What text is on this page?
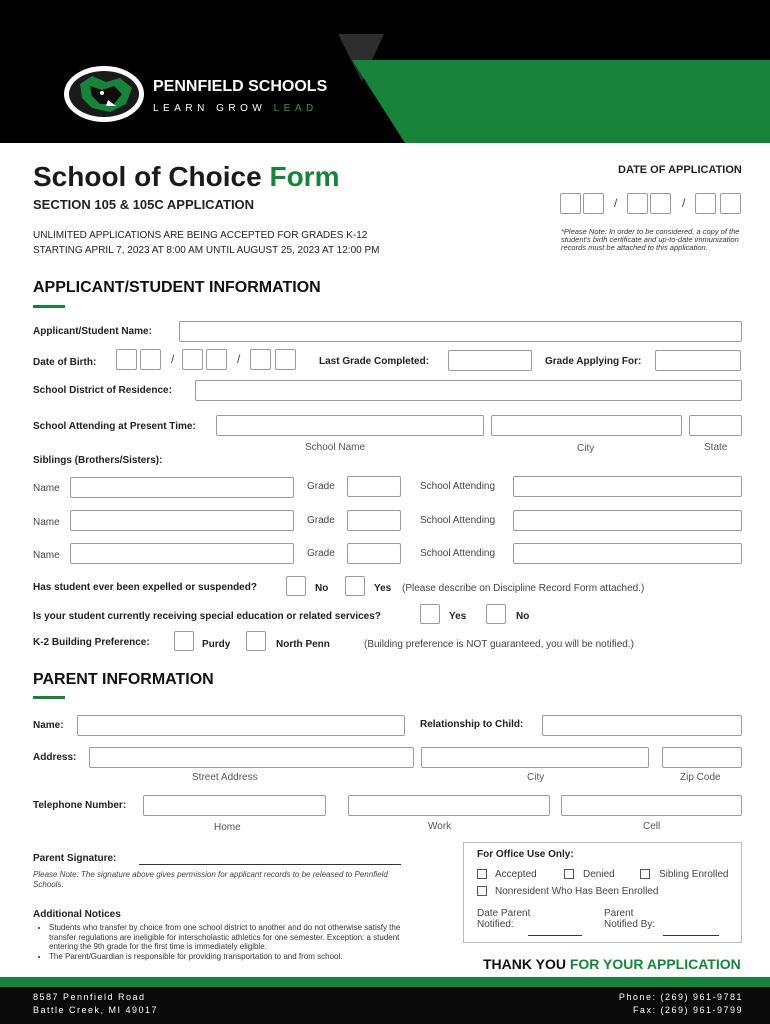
PENNFIELD SCHOOLS
LEARN GROW LEAD
School of Choice Form
SECTION 105 & 105C APPLICATION
UNLIMITED APPLICATIONS ARE BEING ACCEPTED FOR GRADES K-12
STARTING APRIL 7, 2023 AT 8:00 AM UNTIL AUGUST 25, 2023 AT 12:00 PM
DATE OF APPLICATION
/	/
*Please Note: In order to be considered, a copy of the student's birth certificate and up-to-date immunization records must be attached to this application.
APPLICANT/STUDENT INFORMATION
Applicant/Student Name:
Date of Birth:	/	/	Last Grade Completed:	Grade Applying For:
School District of Residence:
School Attending at Present Time:
School Name	City	State
Siblings (Brothers/Sisters):
Name	Grade	School Attending
Name	Grade	School Attending
Name	Grade	School Attending
Has student ever been expelled or suspended?	No	Yes (Please describe on Discipline Record Form attached.)
Is your student currently receiving special education or related services?	Yes	No
K-2 Building Preference:	Purdy	North Penn	(Building preference is NOT guaranteed, you will be notified.)
PARENT INFORMATION
Name:	Relationship to Child:
Address:
Street Address	City	Zip Code
Telephone Number:
Home	Work	Cell
Parent Signature:
Please Note: The signature above gives permission for applicant records to be released to Pennfield Schools.
For Office Use Only:
Accepted	Denied	Sibling Enrolled
Nonresident Who Has Been Enrolled
Date Parent Notified:
Parent Notified By:
Additional Notices
• Students who transfer by choice from one school district to another and do not otherwise satisfy the transfer regulations are ineligible for interscholastic athletics for one semester. Exception: a student entering the 9th grade for the first time is immediately eligible.
• The Parent/Guardian is responsible for providing transportation to and from school.	THANK YOU FOR YOUR APPLICATION
8587 Pennfield Road
Battle Creek, MI 49017
Phone: (269) 961-9781
Fax: (269) 961-9799
